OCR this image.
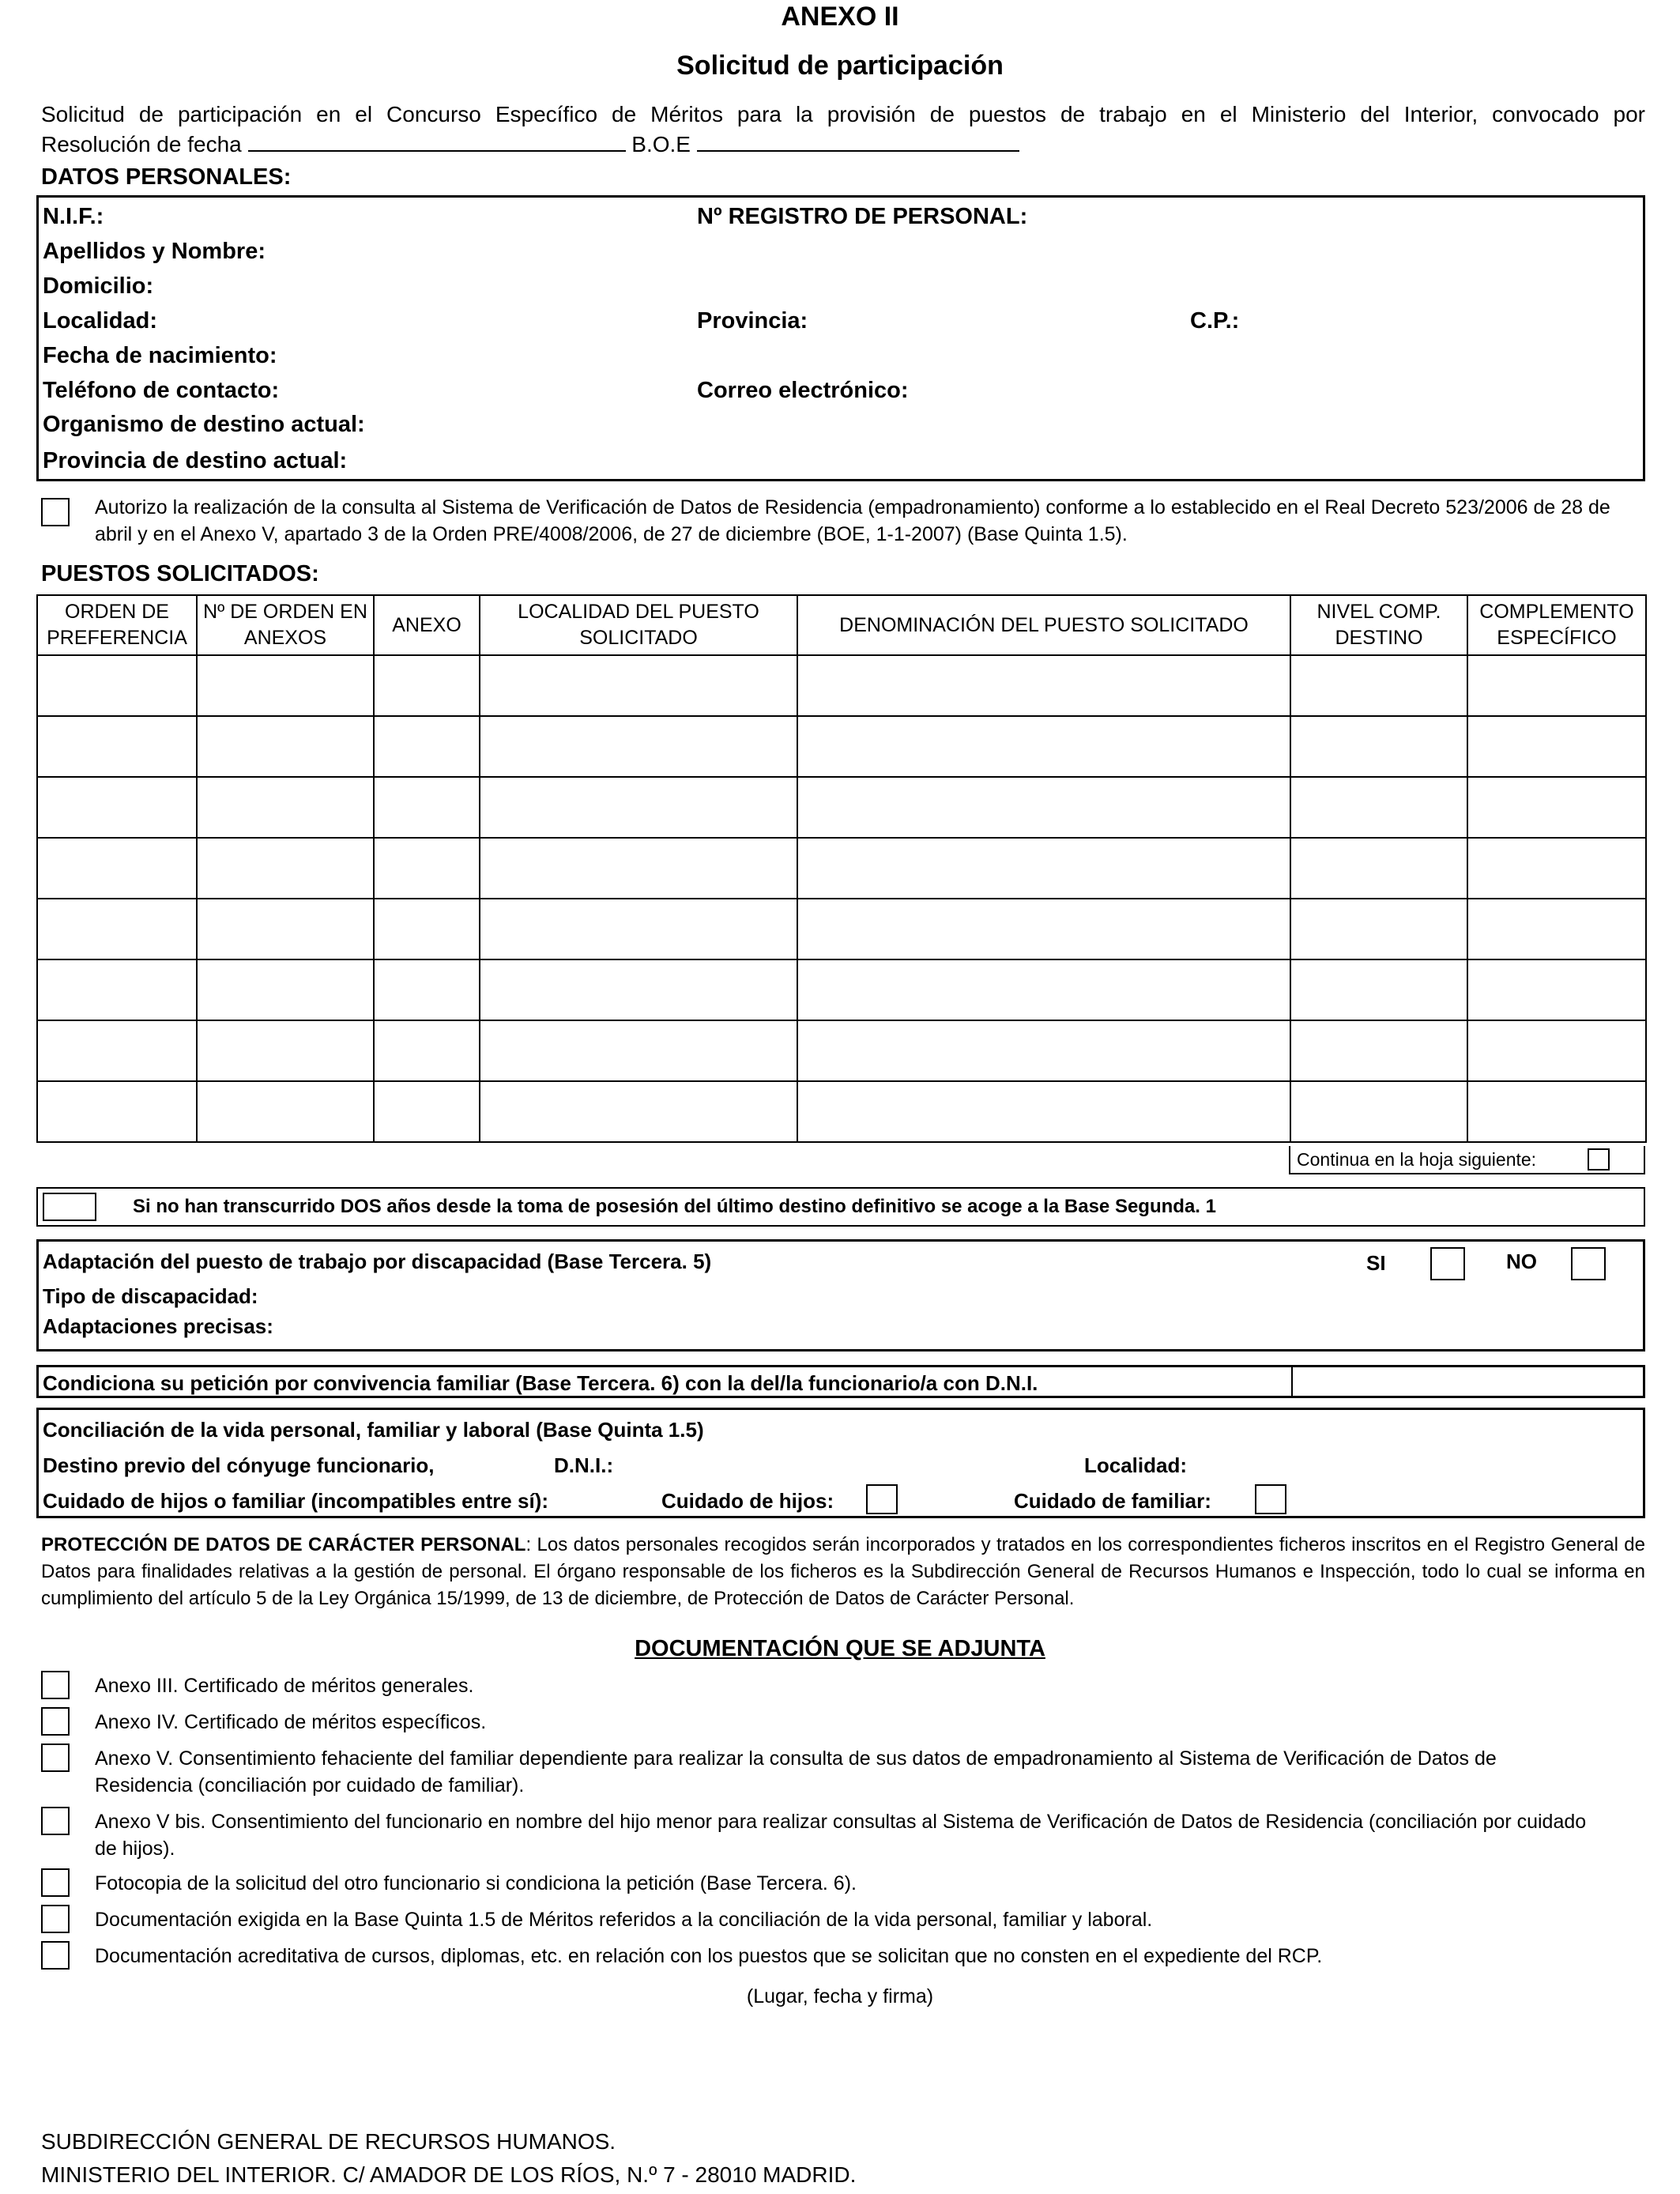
ANEXO II
Solicitud de participación
Solicitud de participación en el Concurso Específico de Méritos para la provisión de puestos de trabajo en el Ministerio del Interior, convocado por
Resolución de fecha	B.O.E
DATOS PERSONALES:
N.I.F.:	Nº REGISTRO DE PERSONAL:
Apellidos y Nombre:
Domicilio:
Localidad:	Provincia:	C.P.:
Fecha de nacimiento:
Teléfono de contacto:	Correo electrónico:
Organismo de destino actual:
Provincia de destino actual:
Autorizo la realización de la consulta al Sistema de Verificación de Datos de Residencia (empadronamiento) conforme a lo establecido en el Real Decreto 523/2006 de 28 de abril y en el Anexo V, apartado 3 de la Orden PRE/4008/2006, de 27 de diciembre (BOE, 1-1-2007) (Base Quinta 1.5).
PUESTOS SOLICITADOS:
ORDEN DE PREFERENCIA	Nº DE ORDEN EN ANEXOS	ANEXO	LOCALIDAD DEL PUESTO SOLICITADO	DENOMINACIÓN DEL PUESTO SOLICITADO	NIVEL COMP. DESTINO	COMPLEMENTO ESPECÍFICO

Continua en la hoja siguiente:
Si no han transcurrido DOS años desde la toma de posesión del último destino definitivo se acoge a la Base Segunda. 1
Adaptación del puesto de trabajo por discapacidad (Base Tercera. 5)	SI	NO
Tipo de discapacidad:
Adaptaciones precisas:
Condiciona su petición por convivencia familiar (Base Tercera. 6) con la del/la funcionario/a con D.N.I.
Conciliación de la vida personal, familiar y laboral (Base Quinta 1.5)
Destino previo del cónyuge funcionario,	D.N.I.:	Localidad:
Cuidado de hijos o familiar (incompatibles entre sí):	Cuidado de hijos:	Cuidado de familiar:
PROTECCIÓN DE DATOS DE CARÁCTER PERSONAL: Los datos personales recogidos serán incorporados y tratados en los correspondientes ficheros inscritos en el Registro General de Datos para finalidades relativas a la gestión de personal. El órgano responsable de los ficheros es la Subdirección General de Recursos Humanos e Inspección, todo lo cual se informa en cumplimiento del artículo 5 de la Ley Orgánica 15/1999, de 13 de diciembre, de Protección de Datos de Carácter Personal.
DOCUMENTACIÓN QUE SE ADJUNTA
Anexo III. Certificado de méritos generales.
Anexo IV. Certificado de méritos específicos.
Anexo V. Consentimiento fehaciente del familiar dependiente para realizar la consulta de sus datos de empadronamiento al Sistema de Verificación de Datos de Residencia (conciliación por cuidado de familiar).
Anexo V bis. Consentimiento del funcionario en nombre del hijo menor para realizar consultas al Sistema de Verificación de Datos de Residencia (conciliación por cuidado de hijos).
Fotocopia de la solicitud del otro funcionario si condiciona la petición (Base Tercera. 6).
Documentación exigida en la Base Quinta 1.5 de Méritos referidos a la conciliación de la vida personal, familiar y laboral.
Documentación acreditativa de cursos, diplomas, etc. en relación con los puestos que se solicitan que no consten en el expediente del RCP.
(Lugar, fecha y firma)
SUBDIRECCIÓN GENERAL DE RECURSOS HUMANOS.
MINISTERIO DEL INTERIOR. C/ AMADOR DE LOS RÍOS, N.º 7 - 28010 MADRID.
